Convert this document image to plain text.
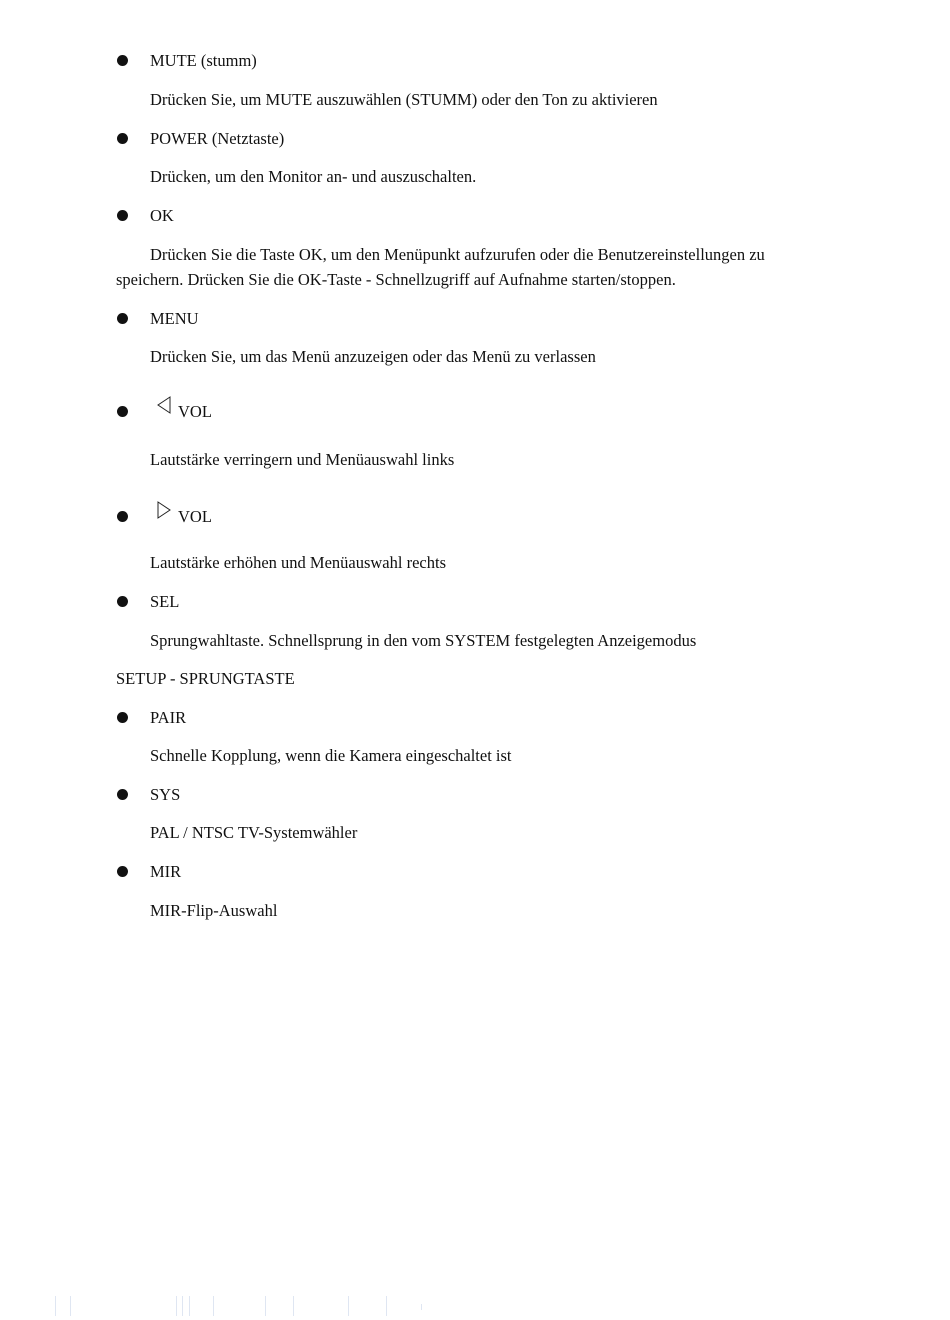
MUTE (stumm)
Drücken Sie, um MUTE auszuwählen (STUMM) oder den Ton zu aktivieren
POWER (Netztaste)
Drücken, um den Monitor an- und auszuschalten.
OK
Drücken Sie die Taste OK, um den Menüpunkt aufzurufen oder die Benutzereinstellungen zu speichern. Drücken Sie die OK-Taste - Schnellzugriff auf Aufnahme starten/stoppen.
MENU
Drücken Sie, um das Menü anzuzeigen oder das Menü zu verlassen
VOL
Lautstärke verringern und Menüauswahl links
VOL
Lautstärke erhöhen und Menüauswahl rechts
SEL
Sprungwahltaste. Schnellsprung in den vom SYSTEM festgelegten Anzeigemodus
SETUP - SPRUNGTASTE
PAIR
Schnelle Kopplung, wenn die Kamera eingeschaltet ist
SYS
PAL / NTSC TV-Systemwähler
MIR
MIR-Flip-Auswahl
